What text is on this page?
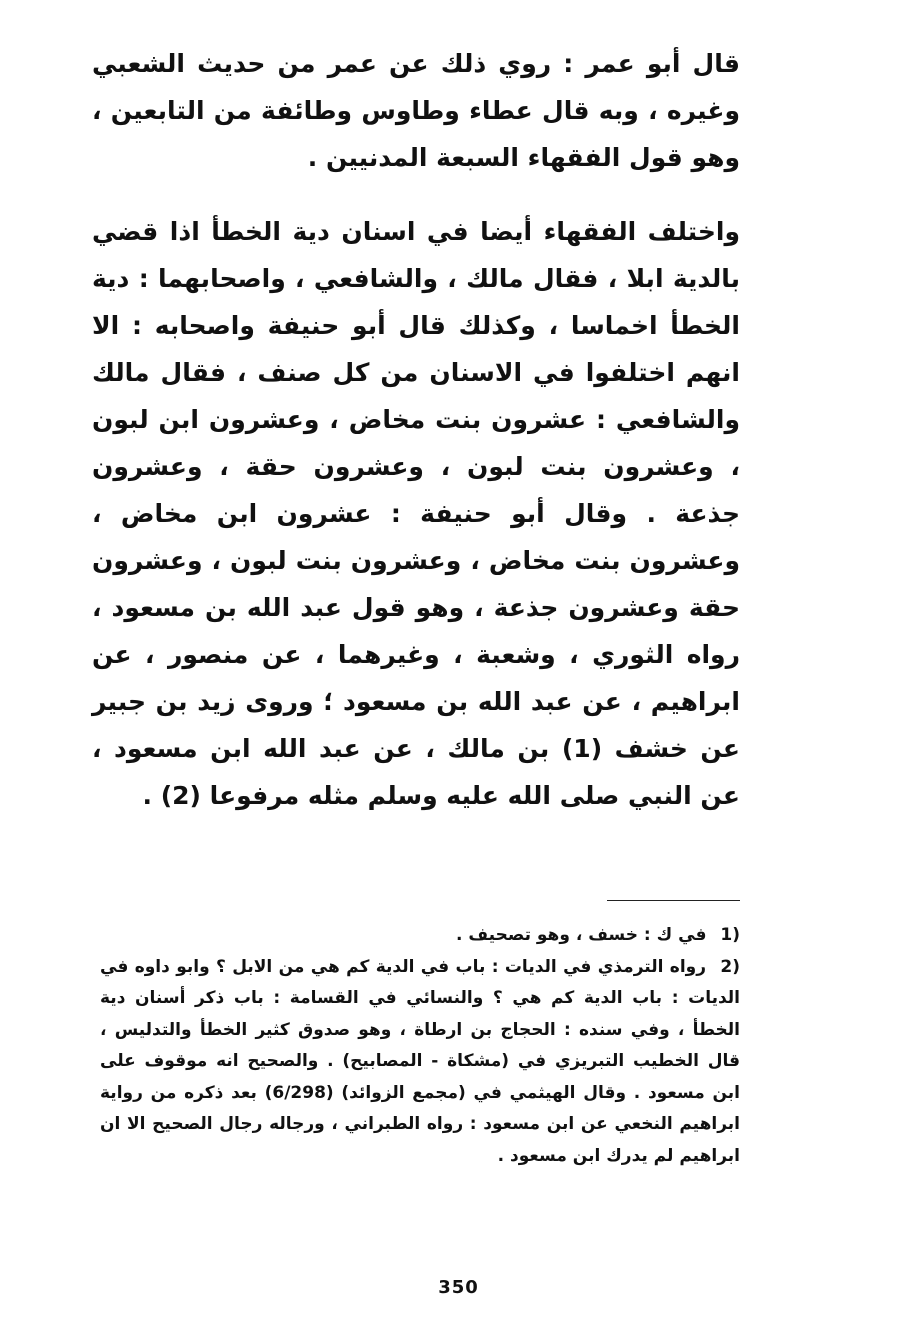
قال أبو عمر : روي ذلك عن عمر من حديث الشعبي وغيره ، وبه قال عطاء وطاوس وطائفة من التابعين ، وهو قول الفقهاء السبعة المدنيين .

واختلف الفقهاء أيضا في اسنان دية الخطأ اذا قضي بالدية ابلا ، فقال مالك ، والشافعي ، واصحابهما : دية الخطأ اخماسا ، وكذلك قال أبو حنيفة واصحابه : الا انهم اختلفوا في الاسنان من كل صنف ، فقال مالك والشافعي : عشرون بنت مخاض ، وعشرون ابن لبون ، وعشرون بنت لبون ، وعشرون حقة ، وعشرون جذعة . وقال أبو حنيفة : عشرون ابن مخاض ، وعشرون بنت مخاض ، وعشرون بنت لبون ، وعشرون حقة وعشرون جذعة ، وهو قول عبد الله بن مسعود ، رواه الثوري ، وشعبة ، وغيرهما ، عن منصور ، عن ابراهيم ، عن عبد الله بن مسعود ؛ وروى زيد بن جبير عن خشف (1) بن مالك ، عن عبد الله ابن مسعود ، عن النبي صلى الله عليه وسلم مثله مرفوعا (2) .

(1 في ك : خسف ، وهو تصحيف .
(2 رواه الترمذي في الديات : باب في الدية كم هي من الابل ؟ وابو داوه في الديات : باب الدية كم هي ؟ والنسائي في القسامة : باب ذكر أسنان دية الخطأ ، وفي سنده : الحجاج بن ارطاة ، وهو صدوق كثير الخطأ والتدليس ، قال الخطيب التبريزي في (مشكاة - المصابيح) . والصحيح انه موقوف على ابن مسعود . وقال الهيثمي في (مجمع الزوائد) (6/298) بعد ذكره من رواية ابراهيم النخعي عن ابن مسعود : رواه الطبراني ، ورجاله رجال الصحيح الا ان ابراهيم لم يدرك ابن مسعود .

350
